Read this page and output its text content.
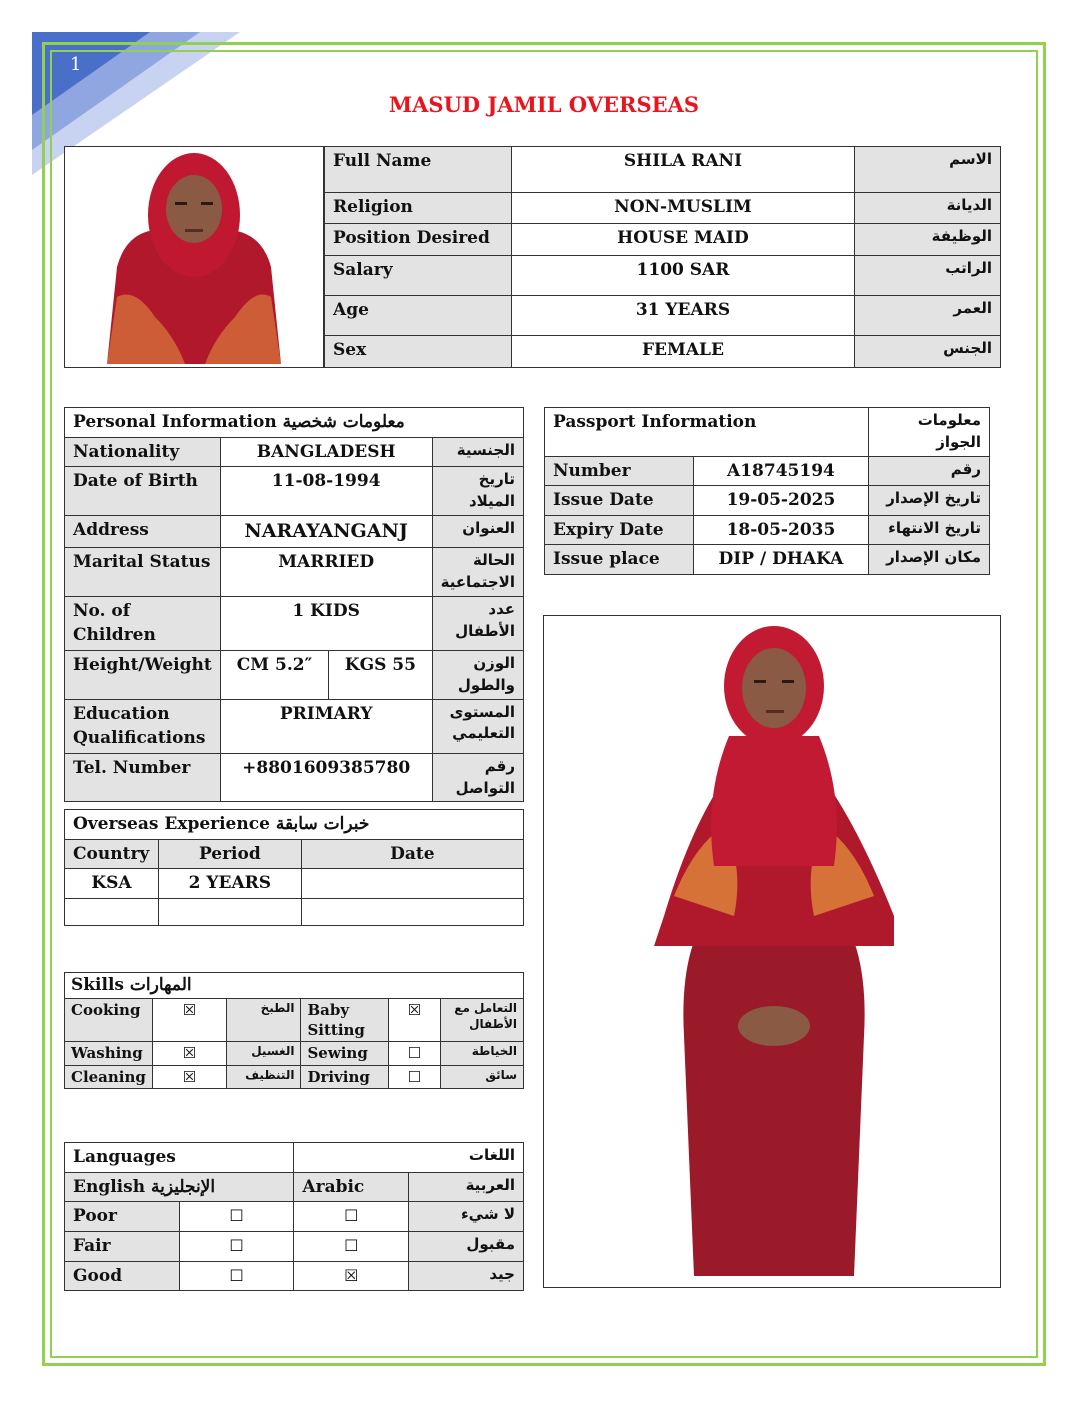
1
MASUD JAMIL OVERSEAS
Full Name	SHILA RANI	الاسم
Religion	NON-MUSLIM	الديانة
Position Desired	HOUSE MAID	الوظيفة
Salary	1100 SAR	الراتب
Age	31 YEARS	العمر
Sex	FEMALE	الجنس
Personal Information معلومات شخصية			
Nationality	BANGLADESH		الجنسية
Date of Birth	11-08-1994		تاريخ الميلاد
Address	NARAYANGANJ		العنوان
Marital Status	MARRIED		الحالة الاجتماعية
No. of Children	1 KIDS		عدد الأطفال
Height/Weight	CM 5.2″	KGS 55	الوزن والطول
Education Qualifications	PRIMARY		المستوى التعليمي
Tel. Number	+8801609385780		رقم التواصل
Passport Information		معلومات الجواز
Number	A18745194	رقم
Issue Date	19-05-2025	تاريخ الإصدار
Expiry Date	18-05-2035	تاريخ الانتهاء
Issue place	DIP / DHAKA	مكان الإصدار
Overseas Experience خبرات سابقة		
Country	Period	Date
KSA	2 YEARS	

Skills المهارات					
Cooking	☒	الطبخ	Baby Sitting	☒	التعامل مع الأطفال
Washing	☒	الغسيل	Sewing	☐	الخياطة
Cleaning	☒	التنظيف	Driving	☐	سائق
Languages		اللغات	
English الإنجليزية		Arabic	العربية
Poor	☐	☐	لا شيء
Fair	☐	☐	مقبول
Good	☐	☒	جيد
